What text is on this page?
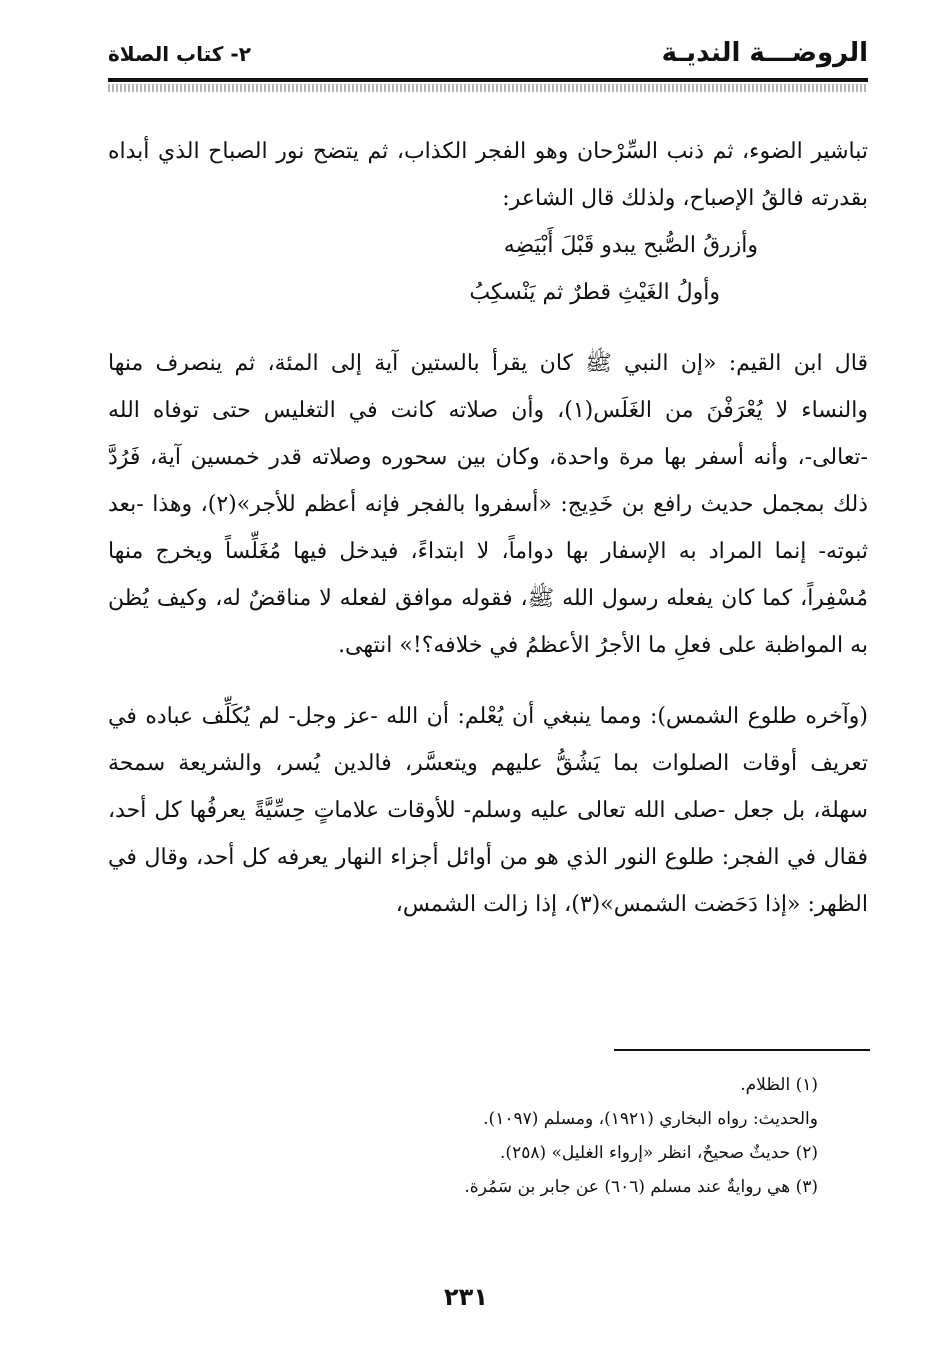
الروضـــة النديـة
٢- كتاب الصلاة

تباشير الضوء، ثم ذنب السِّرْحان وهو الفجر الكذاب، ثم يتضح نور الصباح الذي أبداه بقدرته فالقُ الإصباح، ولذلك قال الشاعر:

وأزرقُ الصُّبح يبدو قَبْلَ أَبْيَضِه

وأولُ الغَيْثِ قطرٌ ثم يَنْسكِبُ

قال ابن القيم: «إن النبي ﷺ كان يقرأ بالستين آية إلى المئة، ثم ينصرف منها والنساء لا يُعْرَفْنَ من الغَلَس(١)، وأن صلاته كانت في التغليس حتى توفاه الله -تعالى-، وأنه أسفر بها مرة واحدة، وكان بين سحوره وصلاته قدر خمسين آية، فَرُدَّ ذلك بمجمل حديث رافع بن خَدِيج: «أسفروا بالفجر فإنه أعظم للأجر»(٢)، وهذا -بعد ثبوته- إنما المراد به الإسفار بها دواماً، لا ابتداءً، فيدخل فيها مُغَلِّساً ويخرج منها مُسْفِراً، كما كان يفعله رسول الله ﷺ، فقوله موافق لفعله لا مناقضٌ له، وكيف يُظن به المواظبة على فعلِ ما الأجرُ الأعظمُ في خلافه؟!» انتهى.

(وآخره طلوع الشمس): ومما ينبغي أن يُعْلم: أن الله -عز وجل- لم يُكَلِّف عباده في تعريف أوقات الصلوات بما يَشُقُّ عليهم ويتعسَّر، فالدين يُسر، والشريعة سمحة سهلة، بل جعل -صلى الله تعالى عليه وسلم- للأوقات علاماتٍ حِسِّيَّةً يعرفُها كل أحد، فقال في الفجر: طلوع النور الذي هو من أوائل أجزاء النهار يعرفه كل أحد، وقال في الظهر: «إذا دَحَضت الشمس»(٣)، إذا زالت الشمس،

(١) الظلام.

والحديث: رواه البخاري (١٩٢١)، ومسلم (١٠٩٧).

(٢) حديثٌ صحيحٌ، انظر «إرواء الغليل» (٢٥٨).

(٣) هي روايةٌ عند مسلم (٦٠٦) عن جابر بن سَمُرة.

٢٣١
